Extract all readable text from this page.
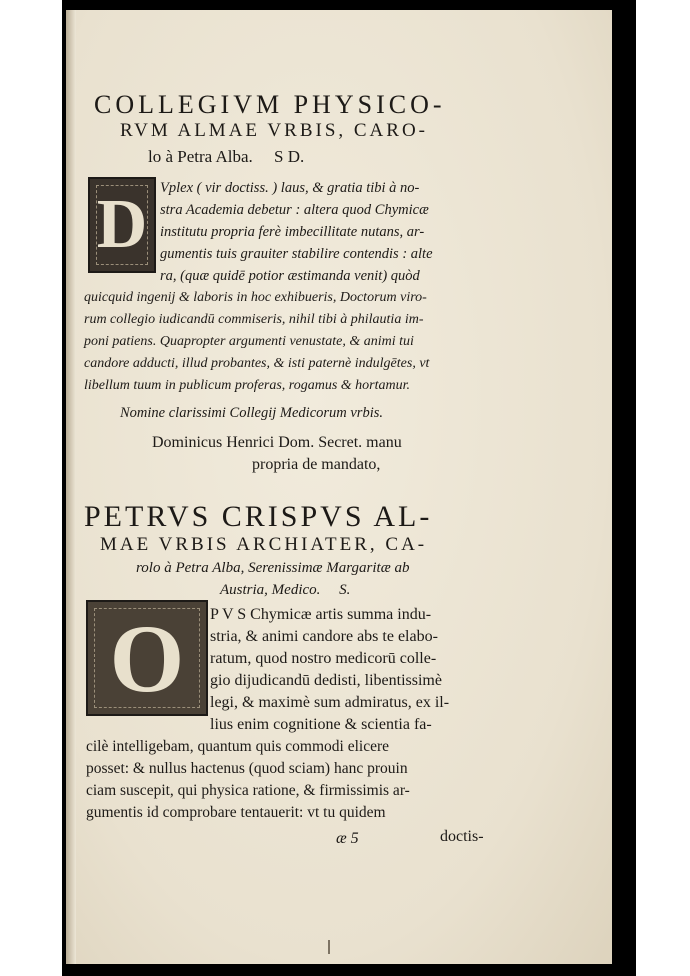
COLLEGIVM PHYSICO-

RVM ALMAE VRBIS, CARO-

lo à Petra Alba.     S D.

D Vplex ( vir doctiss. ) laus, & gratia tibi à no-

stra Academia debetur : altera quod Chymicæ

institutu propria ferè imbecillitate nutans, ar-

gumentis tuis grauiter stabilire contendis : alte

ra, (quæ quidē potior æstimanda venit) quòd

quicquid ingenij & laboris in hoc exhibueris, Doctorum viro-

rum collegio iudicandū commiseris, nihil tibi à philautia im-

poni patiens. Quapropter argumenti venustate, & animi tui

candore adducti, illud probantes, & isti paternè indulgētes, vt

libellum tuum in publicum proferas, rogamus & hortamur.

Nomine clarissimi Collegij Medicorum vrbis.

Dominicus Henrici Dom. Secret. manu

propria de mandato,

PETRVS CRISPVS AL-

MAE VRBIS ARCHIATER, CA-

rolo à Petra Alba, Serenissimæ Margaritæ ab

Austria, Medico.     S.

O	P V S Chymicæ artis summa indu-

stria, & animi candore abs te elabo-

ratum, quod nostro medicorū colle-

gio dijudicandū dedisti, libentissimè

legi, & maximè sum admiratus, ex il-

lius enim cognitione & scientia fa-

cilè intelligebam, quantum quis commodi elicere

posset: & nullus hactenus (quod sciam) hanc prouin

ciam suscepit, qui physica ratione, & firmissimis ar-

gumentis id comprobare tentauerit: vt tu quidem

æ 5	doctis-
